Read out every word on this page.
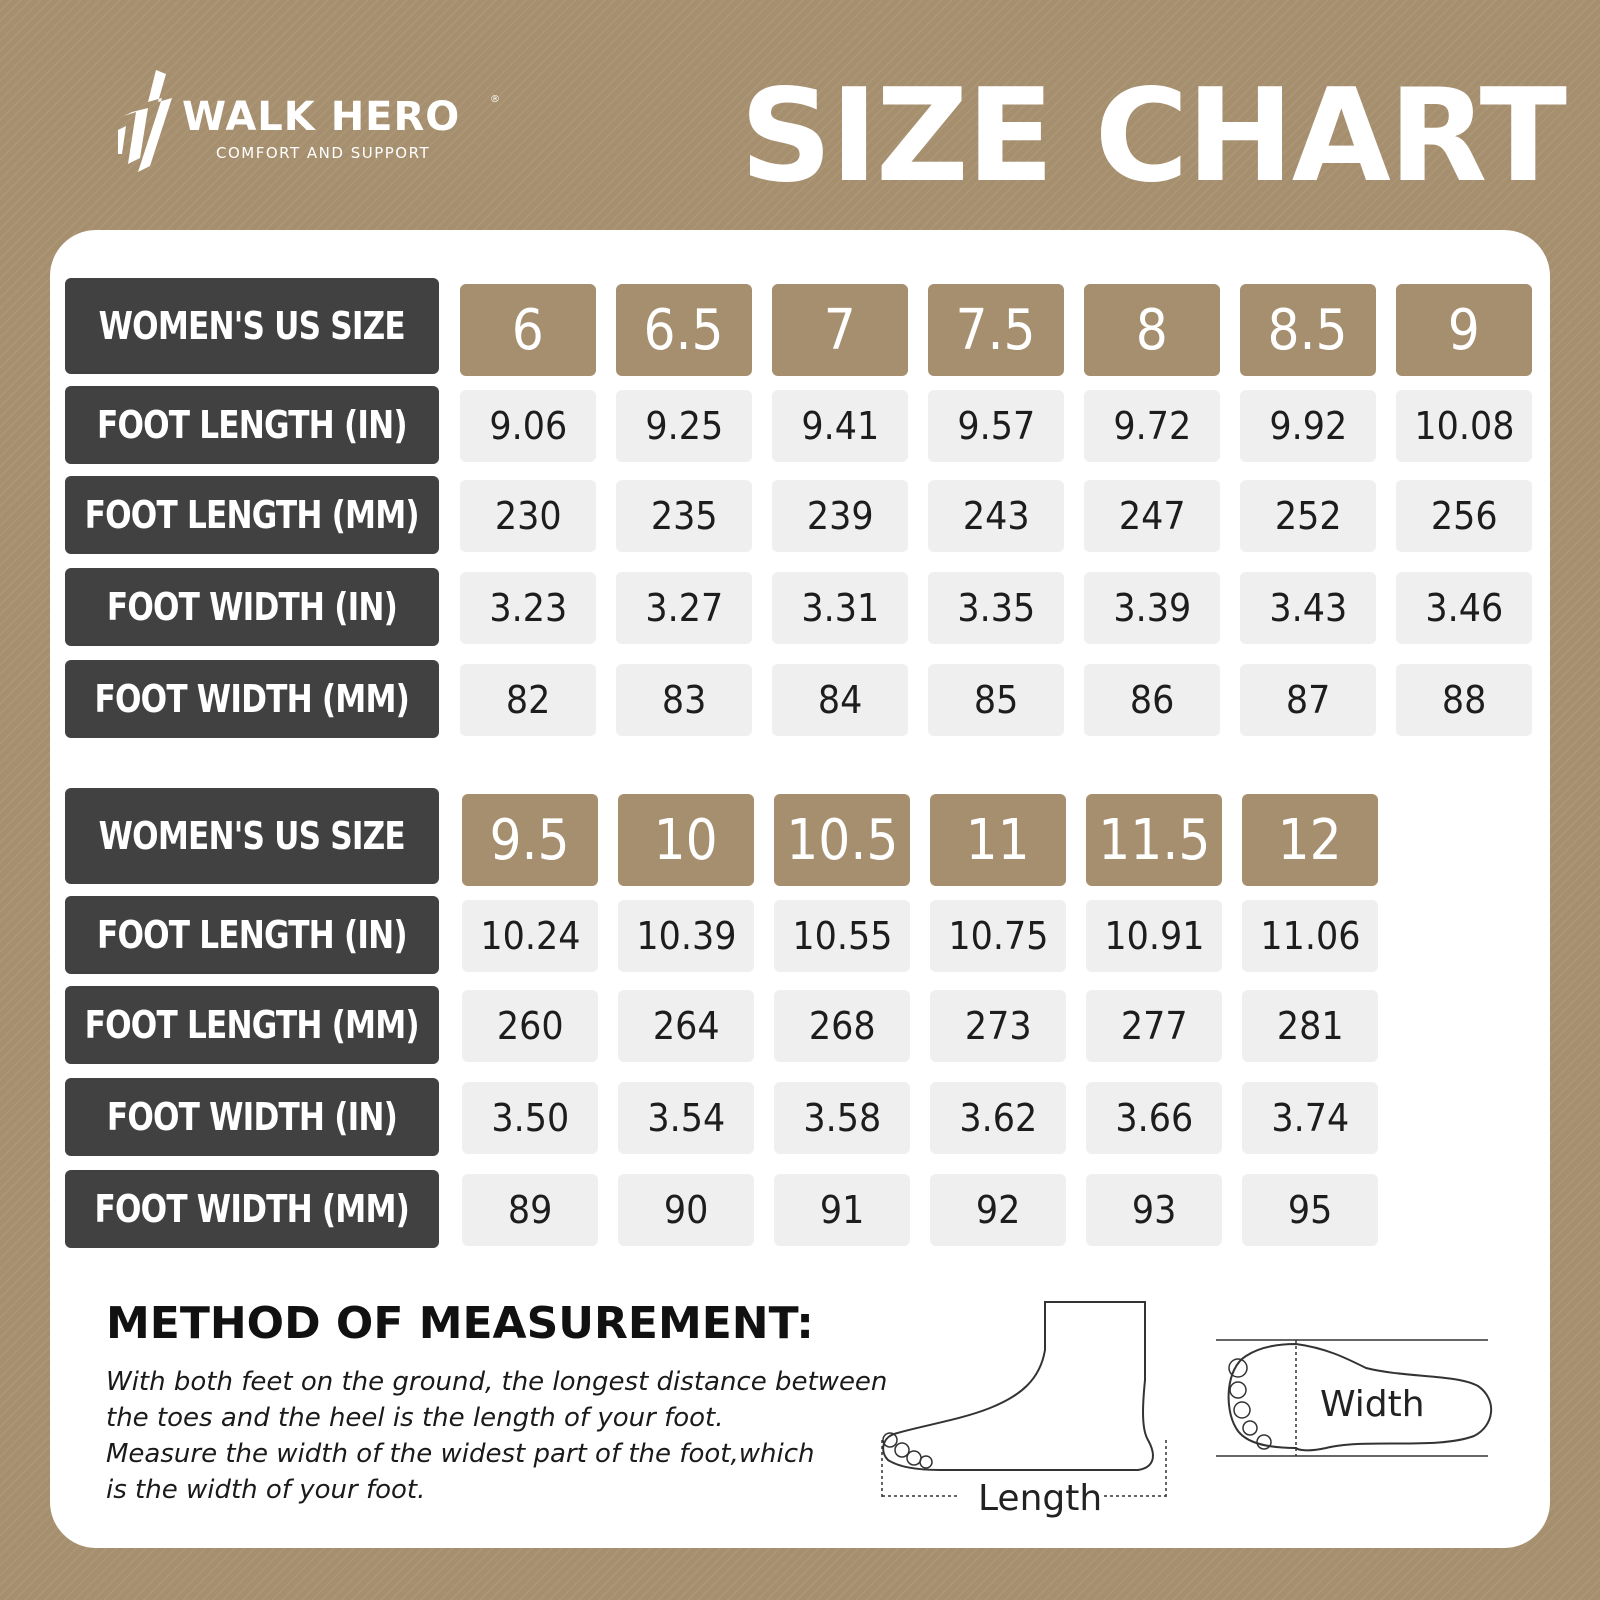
WALK HERO	®
COMFORT AND SUPPORT SIZE CHART
WOMEN'S US SIZE 6 6.5 7 7.5 8 8.5 9
FOOT LENGTH (IN) 9.06 9.25 9.41 9.57 9.72 9.92 10.08
FOOT LENGTH (MM) 230 235 239 243 247 252 256
FOOT WIDTH (IN) 3.23 3.27 3.31 3.35 3.39 3.43 3.46
FOOT WIDTH (MM)	82	83	84	85	86	87	88
WOMEN'S US SIZE 9.5 10 10.5 11 11.5 12
FOOT LENGTH (IN) 10.24 10.39 10.55 10.75 10.91 11.06
FOOT LENGTH (MM) 260 264 268 273 277 281
FOOT WIDTH (IN) 3.50 3.54 3.58 3.62 3.66 3.74
FOOT WIDTH (MM)	89	90	91	92	93	95
METHOD OF MEASUREMENT:
With both feet on the ground, the longest distance between
the toes and the heel is the length of your foot.
Measure the width of the widest part of the foot,which
is the width of your foot.	Length
Width
